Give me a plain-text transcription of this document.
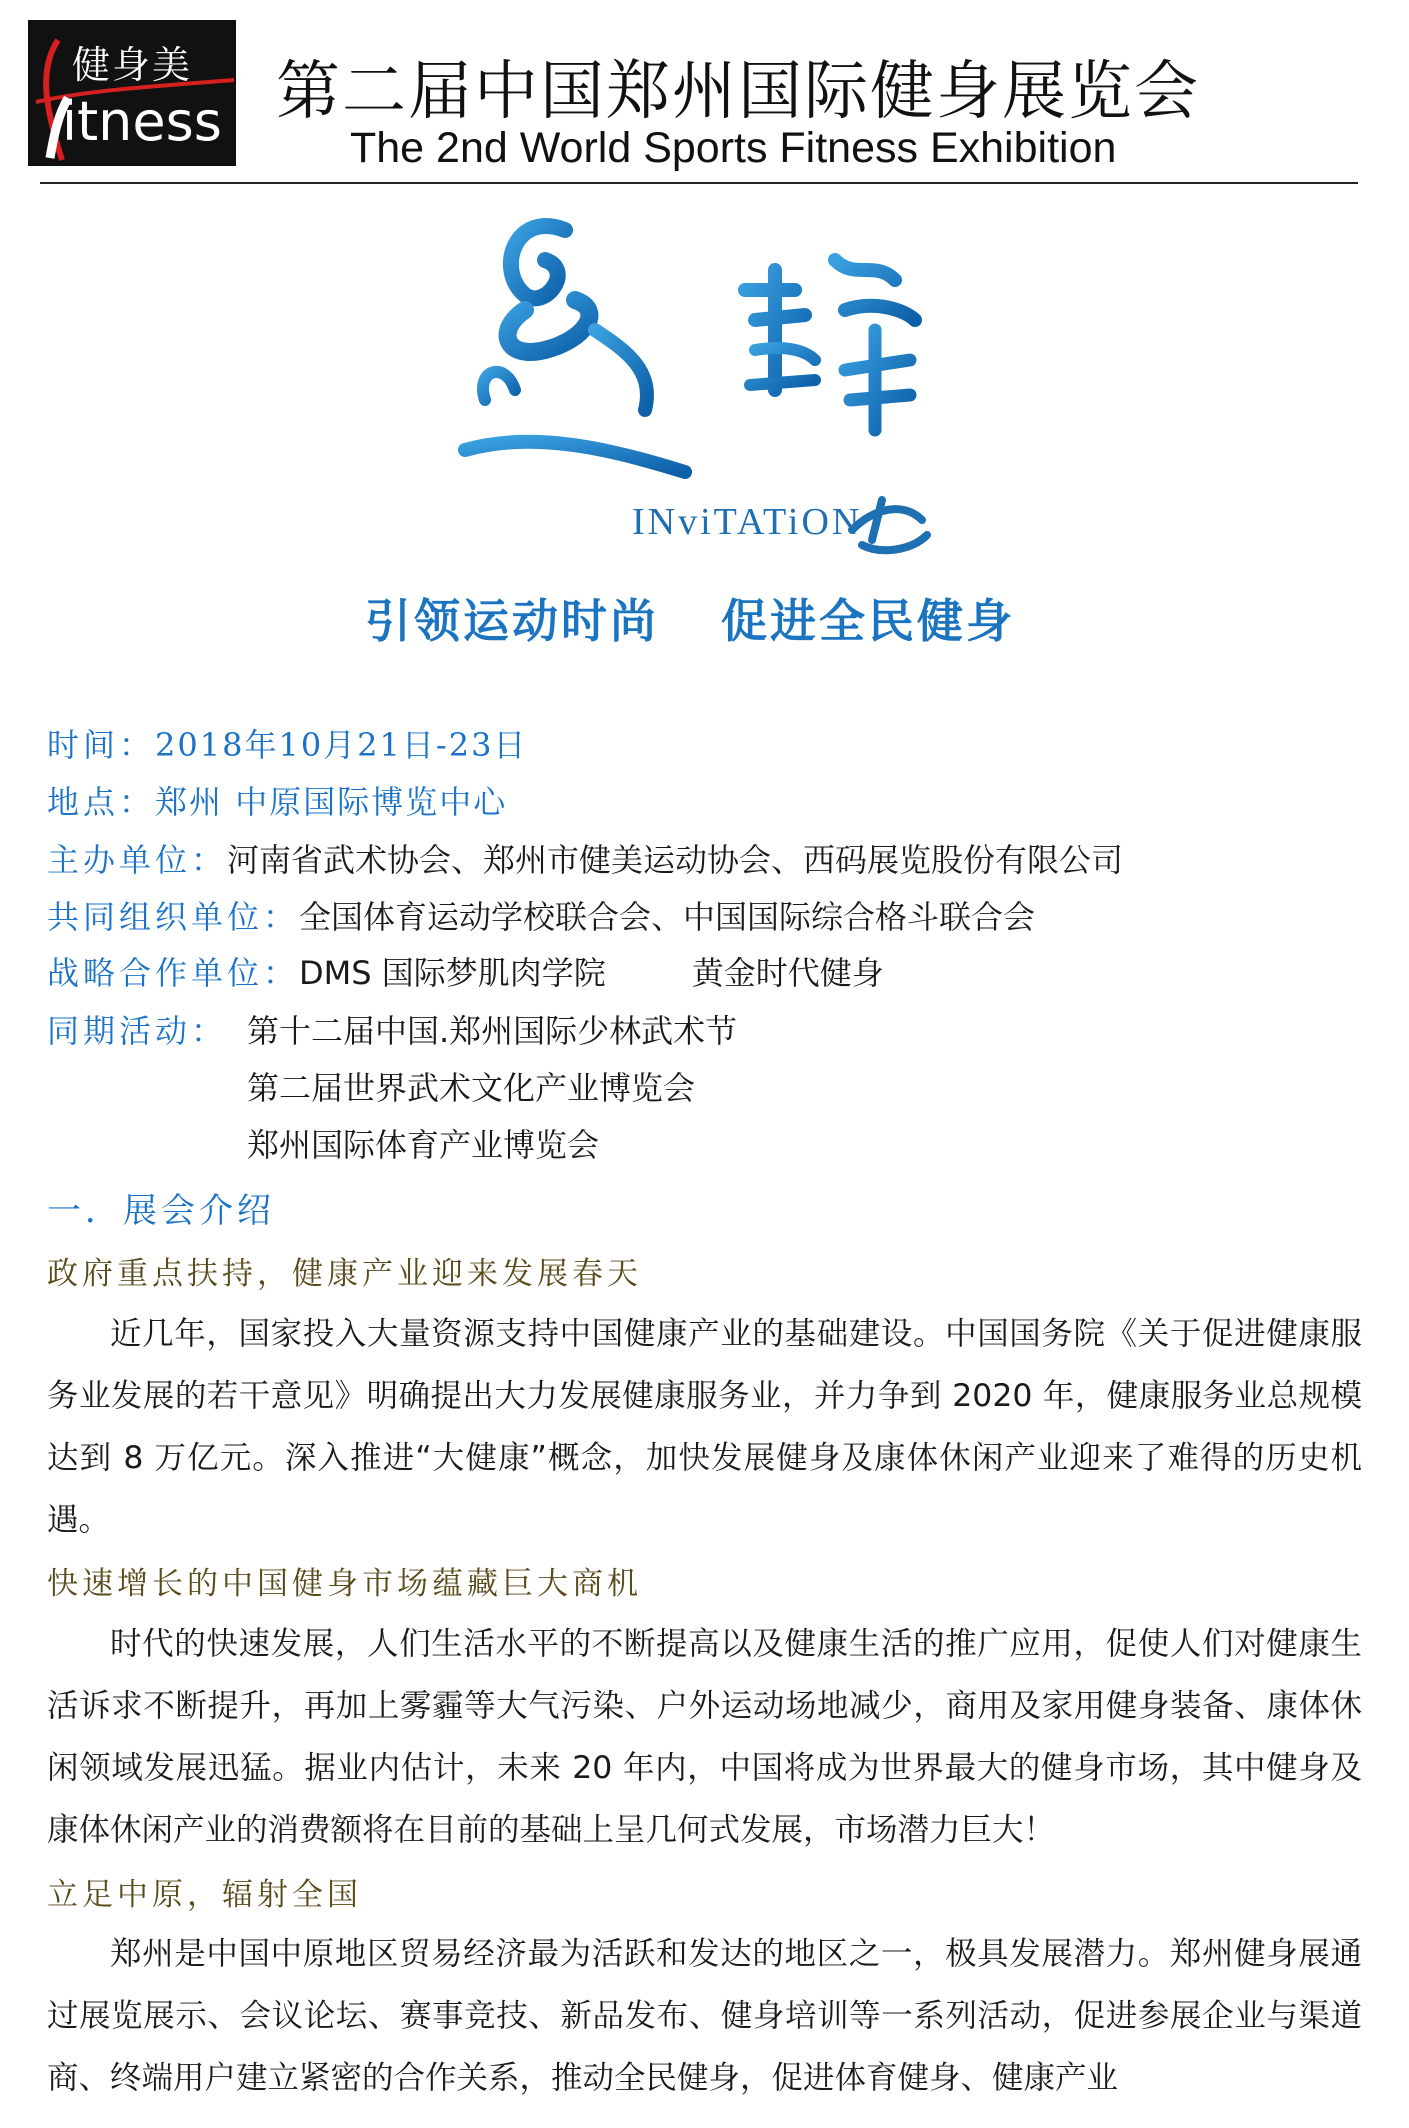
健身美
itness 第二届中国郑州国际健身展览会
The 2nd World Sports Fitness Exhibition
INviTATiON
引领运动时尚 促进全民健身
时间：2018年10月21日-23日
地点：郑州 中原国际博览中心
主办单位：河南省武术协会、郑州市健美运动协会、西码展览股份有限公司
共同组织单位：全国体育运动学校联合会、中国国际综合格斗联合会
战略合作单位：DMS 国际梦肌肉学院	黄金时代健身
同期活动： 第十二届中国.郑州国际少林武术节
第二届世界武术文化产业博览会
郑州国际体育产业博览会
一．展会介绍
政府重点扶持，健康产业迎来发展春天
近几年，国家投入大量资源支持中国健康产业的基础建设。中国国务院《关于促进健康服务业发展的若干意见》明确提出大力发展健康服务业，并力争到 2020 年，健康服务业总规模达到 8 万亿元。深入推进“大健康”概念，加快发展健身及康体休闲产业迎来了难得的历史机遇。
快速增长的中国健身市场蕴藏巨大商机
时代的快速发展，人们生活水平的不断提高以及健康生活的推广应用，促使人们对健康生活诉求不断提升，再加上雾霾等大气污染、户外运动场地减少，商用及家用健身装备、康体休闲领域发展迅猛。据业内估计，未来 20 年内，中国将成为世界最大的健身市场，其中健身及康体休闲产业的消费额将在目前的基础上呈几何式发展，市场潜力巨大！
立足中原，辐射全国
郑州是中国中原地区贸易经济最为活跃和发达的地区之一，极具发展潜力。郑州健身展通过展览展示、会议论坛、赛事竞技、新品发布、健身培训等一系列活动，促进参展企业与渠道商、终端用户建立紧密的合作关系，推动全民健身，促进体育健身、健康产业
